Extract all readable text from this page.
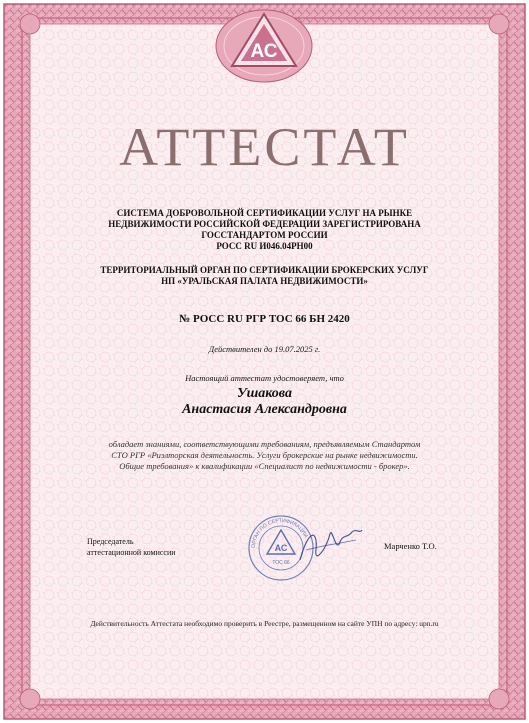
АС
АТТЕСТАТ
СИСТЕМА ДОБРОВОЛЬНОЙ СЕРТИФИКАЦИИ УСЛУГ НА РЫНКЕ
НЕДВИЖИМОСТИ РОССИЙСКОЙ ФЕДЕРАЦИИ ЗАРЕГИСТРИРОВАНА
ГОССТАНДАРТОМ РОССИИ
РОСС RU И046.04РН00
ТЕРРИТОРИАЛЬНЫЙ ОРГАН ПО СЕРТИФИКАЦИИ БРОКЕРСКИХ УСЛУГ
НП «УРАЛЬСКАЯ ПАЛАТА НЕДВИЖИМОСТИ»
№ РОСС RU РГР ТОС 66 БН 2420
Действителен до 19.07.2025 г.
Настоящий аттестат удостоверяет, что
Ушакова
Анастасия Александровна
обладает знаниями, соответствующими требованиям, предъявляемым Стандартом
СТО РГР «Риэлторская деятельность. Услуги брокерские на рынке недвижимости.
Общие требования» к квалификации «Специалист по недвижимости - брокер».
Председатель
аттестационной комиссии
ОРГАН ПО СЕРТИФИКАЦИИ
АС
ТОС 66
Марченко Т.О.
Действительность Аттестата необходимо проверить в Реестре, размещенном на сайте УПН по адресу: upn.ru
